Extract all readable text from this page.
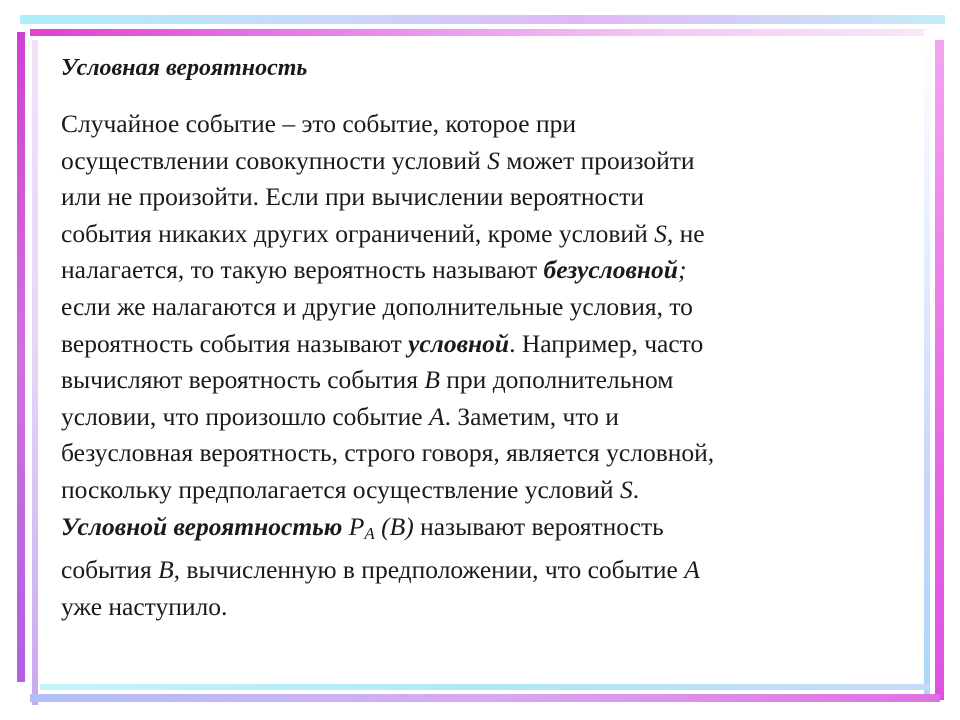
Условная вероятность

Случайное событие – это событие, которое при
осуществлении совокупности условий S может произойти
или не произойти. Если при вычислении вероятности
события никаких других ограничений, кроме условий S, не
налагается, то такую вероятность называют безусловной;
если же налагаются и другие дополнительные условия, то
вероятность события называют условной. Например, часто
вычисляют вероятность события B при дополнительном
условии, что произошло событие A. Заметим, что и
безусловная вероятность, строго говоря, является условной,
поскольку предполагается осуществление условий S.
Условной вероятностью $P_A$ (B) называют вероятность
события B, вычисленную в предположении, что событие A
уже наступило.
